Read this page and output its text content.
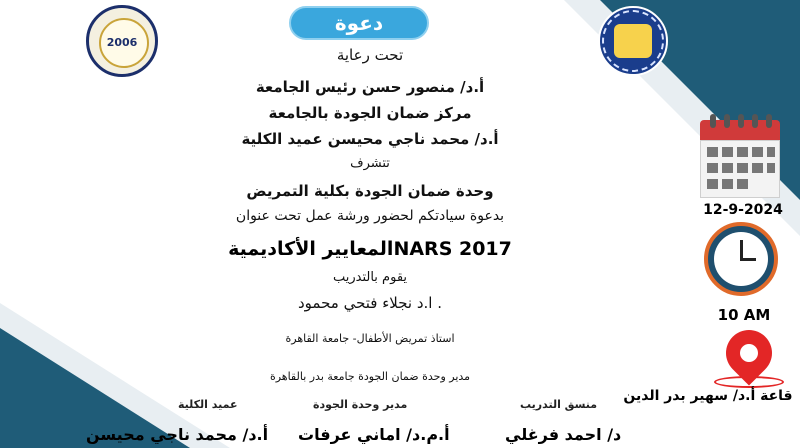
2006
دعوة
تحت رعاية
أ.د/ منصور حسن رئيس الجامعة
مركز ضمان الجودة بالجامعة
أ.د/ محمد ناجي محيسن عميد الكلية
تتشرف
وحدة ضمان الجودة بكلية التمريض
بدعوة سيادتكم لحضور ورشة عمل تحت عنوان
المعايير الأكاديميةNARS 2017
يقوم بالتدريب
ا.د نجلاء فتحي محمود .
استاذ تمريض الأطفال- جامعة القاهرة
مدير وحدة ضمان الجودة جامعة بدر بالقاهرة
12-9-2024
10 AM
قاعة أ.د/ سهير بدر الدين
منسق التدريب
د/ احمد فرغلي
مدير وحدة الجودة
أ.م.د/ اماني عرفات
عميد الكلية
أ.د/ محمد ناجي محيسن
